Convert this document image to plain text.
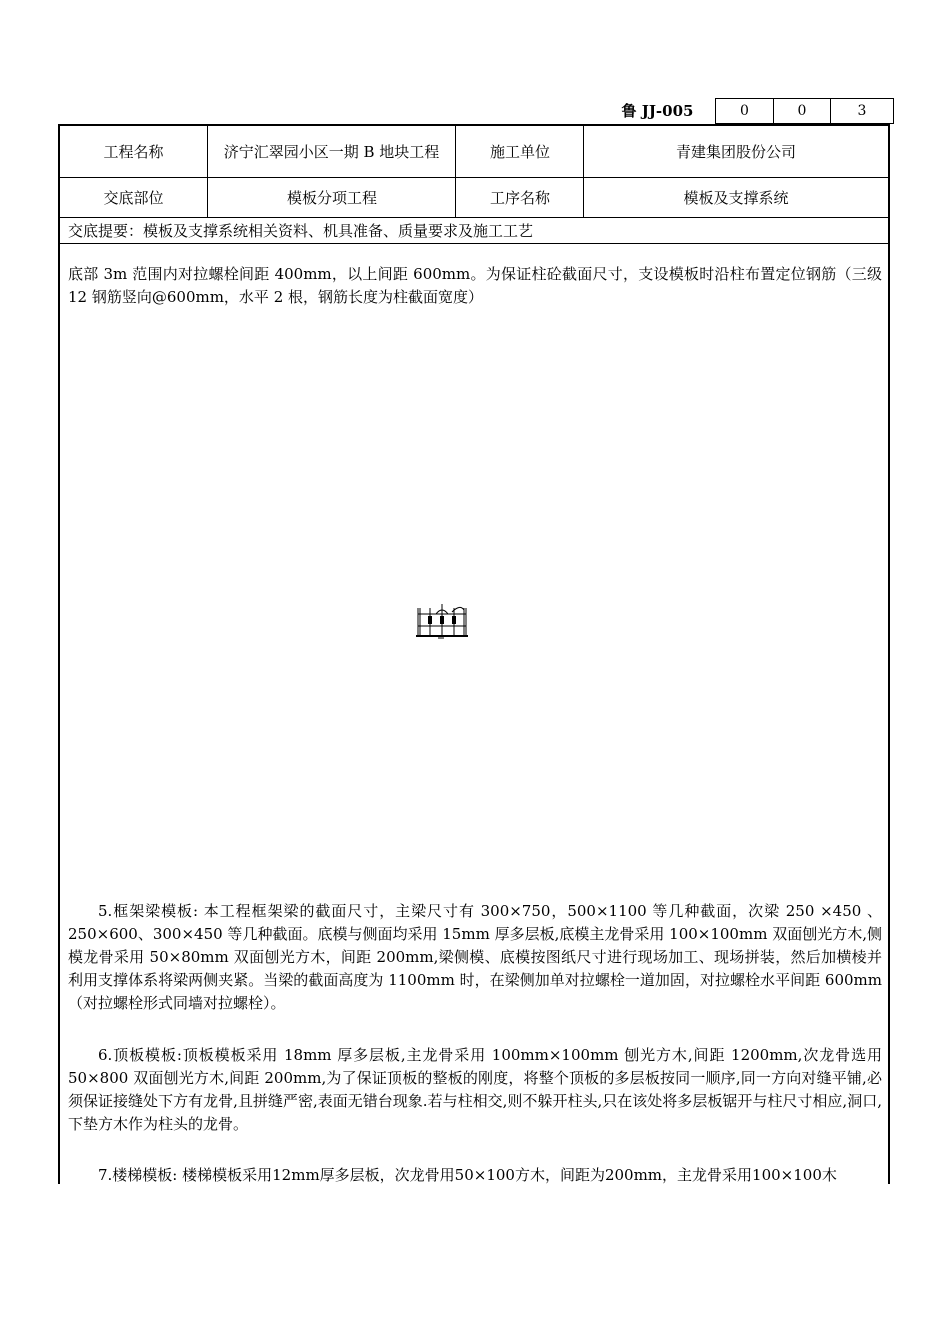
鲁 JJ-005	0	0	3
工程名称	济宁汇翠园小区一期 B 地块工程	施工单位	青建集团股份公司
交底部位	模板分项工程	工序名称	模板及支撑系统
交底提要：模板及支撑系统相关资料、机具准备、质量要求及施工工艺
底部 3m 范围内对拉螺栓间距 400mm，以上间距 600mm。为保证柱砼截面尺寸，支设模板时沿柱布置定位钢筋（三级 12 钢筋竖向@600mm，水平 2 根，钢筋长度为柱截面宽度）
5.框架梁模板: 本工程框架梁的截面尺寸，主梁尺寸有 300×750，500×1100 等几种截面，次梁 250 ×450 、250×600、300×450 等几种截面。底模与侧面均采用 15mm 厚多层板,底模主龙骨采用 100×100mm 双面刨光方木,侧模龙骨采用 50×80mm 双面刨光方木，间距 200mm,梁侧模、底模按图纸尺寸进行现场加工、现场拼装，然后加横棱并利用支撑体系将梁两侧夹紧。当梁的截面高度为 1100mm 时，在梁侧加单对拉螺栓一道加固，对拉螺栓水平间距 600mm（对拉螺栓形式同墙对拉螺栓）。
6.顶板模板:顶板模板采用 18mm 厚多层板,主龙骨采用 100mm×100mm 刨光方木,间距 1200mm,次龙骨选用 50×800 双面刨光方木,间距 200mm,为了保证顶板的整板的刚度，将整个顶板的多层板按同一顺序,同一方向对缝平铺,必须保证接缝处下方有龙骨,且拼缝严密,表面无错台现象.若与柱相交,则不躲开柱头,只在该处将多层板锯开与柱尺寸相应,洞口,下垫方木作为柱头的龙骨。
7.楼梯模板: 楼梯模板采用12mm厚多层板，次龙骨用50×100方木，间距为200mm，主龙骨采用100×100木
